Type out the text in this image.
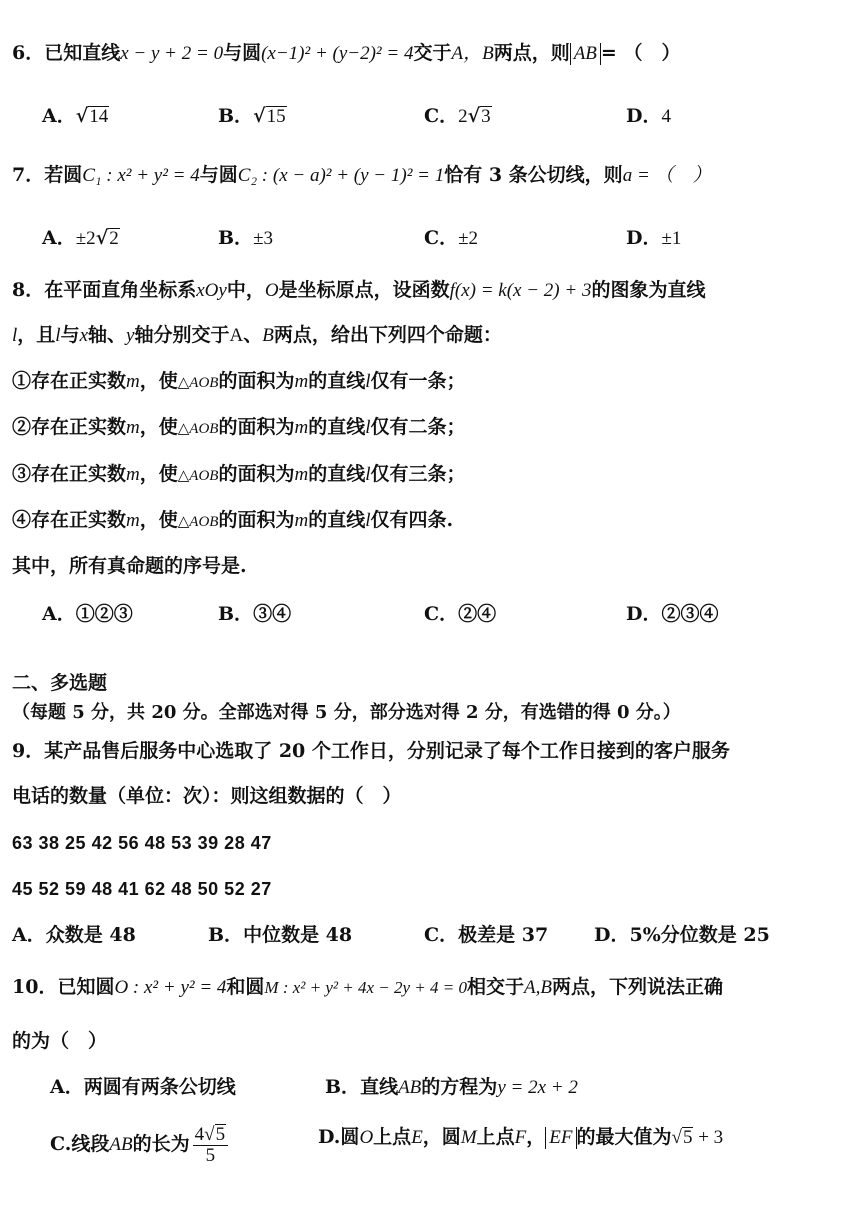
6．已知直线x − y + 2 = 0与圆(x−1)² + (y−2)² = 4交于A，B两点，则 AB = （　）
A．√14	B．√15	C．2√3	D．4
7．若圆C₁ : x² + y² = 4与圆C₂ : (x − a)² + (y − 1)² = 1恰有 3 条公切线，则a = （　）
A．±2√2	B．±3	C．±2	D．±1
8．在平面直角坐标系xOy中，O是坐标原点，设函数f(x) = k(x − 2) + 3的图象为直线
l，且l与x轴、y轴分别交于A、B两点，给出下列四个命题：
①存在正实数m，使△AOB的面积为m的直线l仅有一条；
②存在正实数m，使△AOB的面积为m的直线l仅有二条；
③存在正实数m，使△AOB的面积为m的直线l仅有三条；
④存在正实数m，使△AOB的面积为m的直线l仅有四条.
其中，所有真命题的序号是.
A．①②③	B．③④	C．②④	D．②③④
二、多选题
（每题 5 分，共 20 分。全部选对得 5 分，部分选对得 2 分，有选错的得 0 分。）
9．某产品售后服务中心选取了 20 个工作日，分别记录了每个工作日接到的客户服务
电话的数量（单位：次）：则这组数据的（　）
63 38 25 42 56 48 53 39 28 47
45 52 59 48 41 62 48 50 52 27
A．众数是 48	B．中位数是 48	C．极差是 37 D．5%分位数是 25
10．已知圆O : x² + y² = 4和圆M : x² + y² + 4x − 2y + 4 = 0相交于A,B两点，下列说法正确
的为（　）
A．两圆有两条公切线	B．直线AB的方程为y = 2x + 2
C.线段AB的长为 $\frac{4√5}{5}$	D.圆O上点E，圆M上点F， EF 的最大值为√5 + 3
